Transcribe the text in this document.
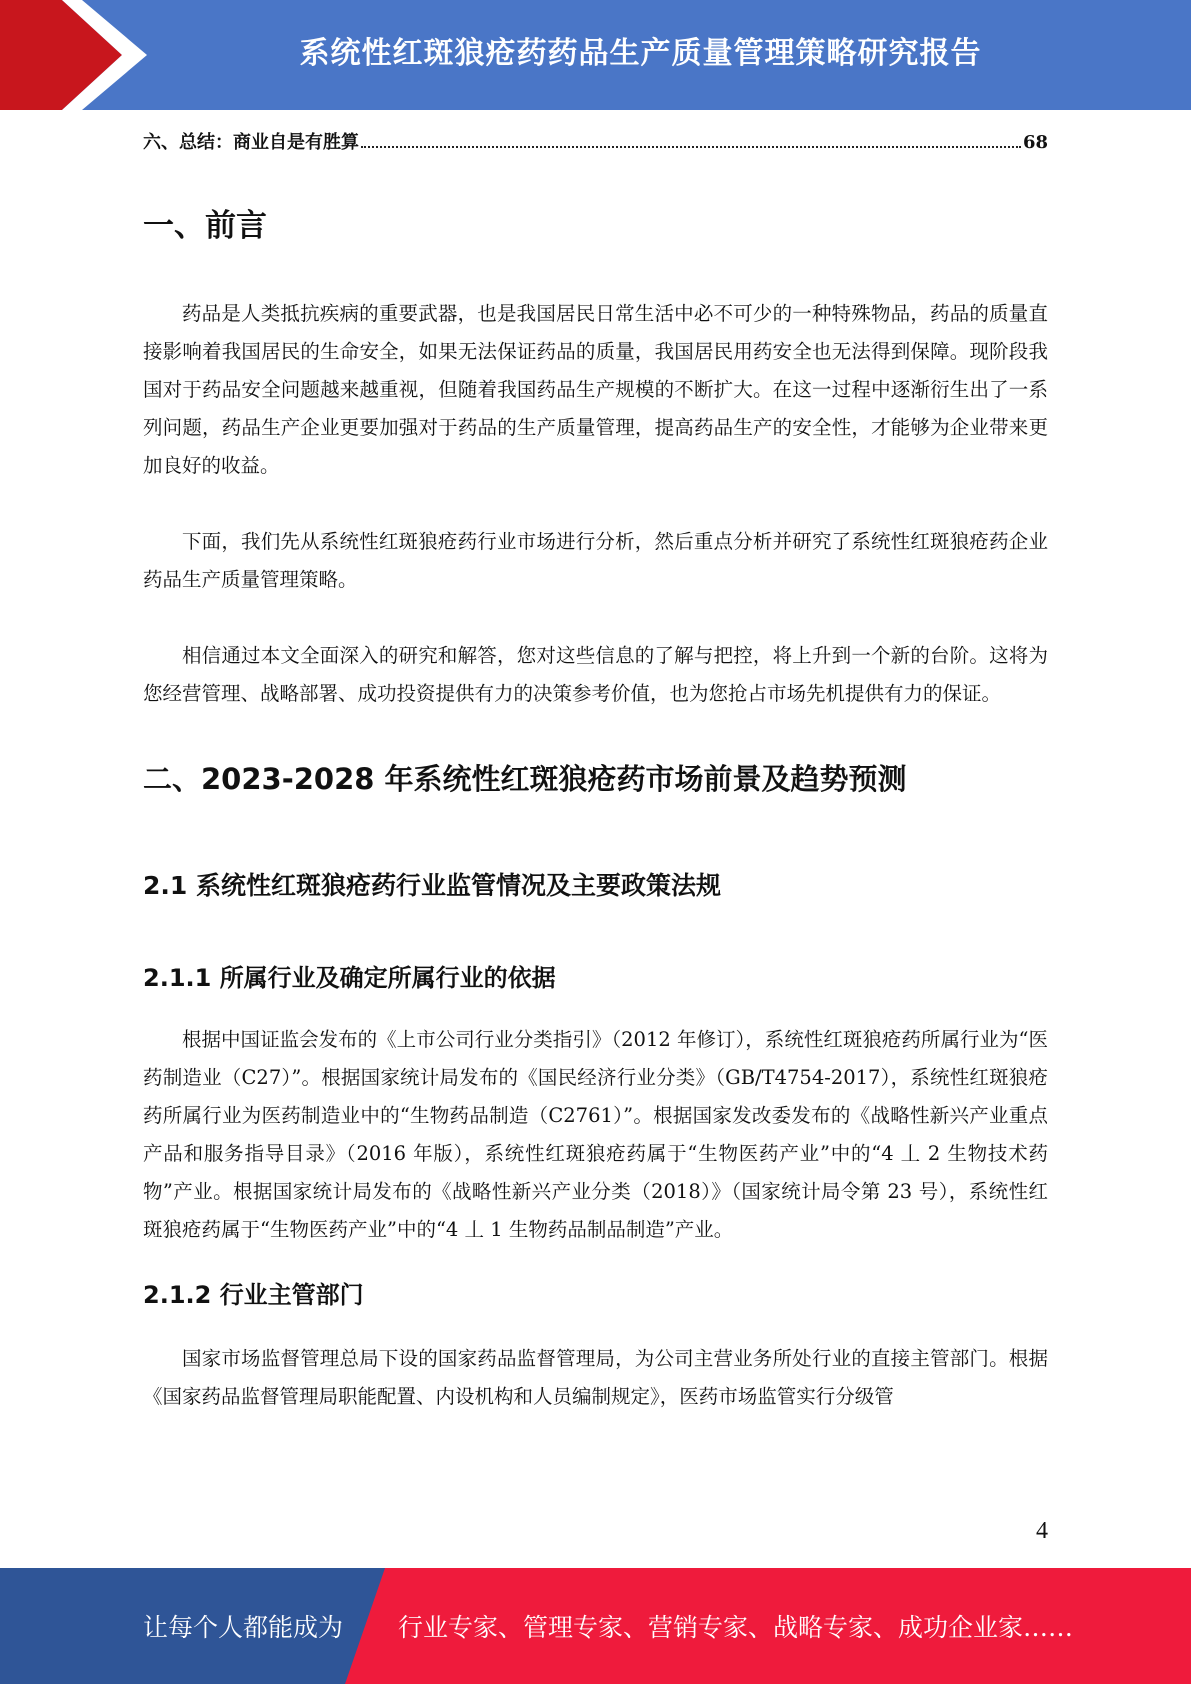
系统性红斑狼疮药药品生产质量管理策略研究报告
六、总结：商业自是有胜算	68
一、前言

药品是人类抵抗疾病的重要武器，也是我国居民日常生活中必不可少的一种特殊物品，药品的质量直接影响着我国居民的生命安全，如果无法保证药品的质量，我国居民用药安全也无法得到保障。现阶段我国对于药品安全问题越来越重视，但随着我国药品生产规模的不断扩大。在这一过程中逐渐衍生出了一系列问题，药品生产企业更要加强对于药品的生产质量管理，提高药品生产的安全性，才能够为企业带来更加良好的收益。

下面，我们先从系统性红斑狼疮药行业市场进行分析，然后重点分析并研究了系统性红斑狼疮药企业药品生产质量管理策略。

相信通过本文全面深入的研究和解答，您对这些信息的了解与把控，将上升到一个新的台阶。这将为您经营管理、战略部署、成功投资提供有力的决策参考价值，也为您抢占市场先机提供有力的保证。

二、2023-2028 年系统性红斑狼疮药市场前景及趋势预测
2.1 系统性红斑狼疮药行业监管情况及主要政策法规
2.1.1 所属行业及确定所属行业的依据

根据中国证监会发布的《上市公司行业分类指引》（2012 年修订），系统性红斑狼疮药所属行业为“医药制造业（C27）”。根据国家统计局发布的《国民经济行业分类》（GB/T4754-2017），系统性红斑狼疮药所属行业为医药制造业中的“生物药品制造（C2761）”。根据国家发改委发布的《战略性新兴产业重点产品和服务指导目录》（2016 年版），系统性红斑狼疮药属于“生物医药产业”中的“4 丄 2 生物技术药物”产业。根据国家统计局发布的《战略性新兴产业分类（2018）》（国家统计局令第 23 号），系统性红斑狼疮药属于“生物医药产业”中的“4 丄 1 生物药品制品制造”产业。

2.1.2 行业主管部门

国家市场监督管理总局下设的国家药品监督管理局，为公司主营业务所处行业的直接主管部门。根据《国家药品监督管理局职能配置、内设机构和人员编制规定》，医药市场监管实行分级管

4
让每个人都能成为 行业专家、管理专家、营销专家、战略专家、成功企业家……
